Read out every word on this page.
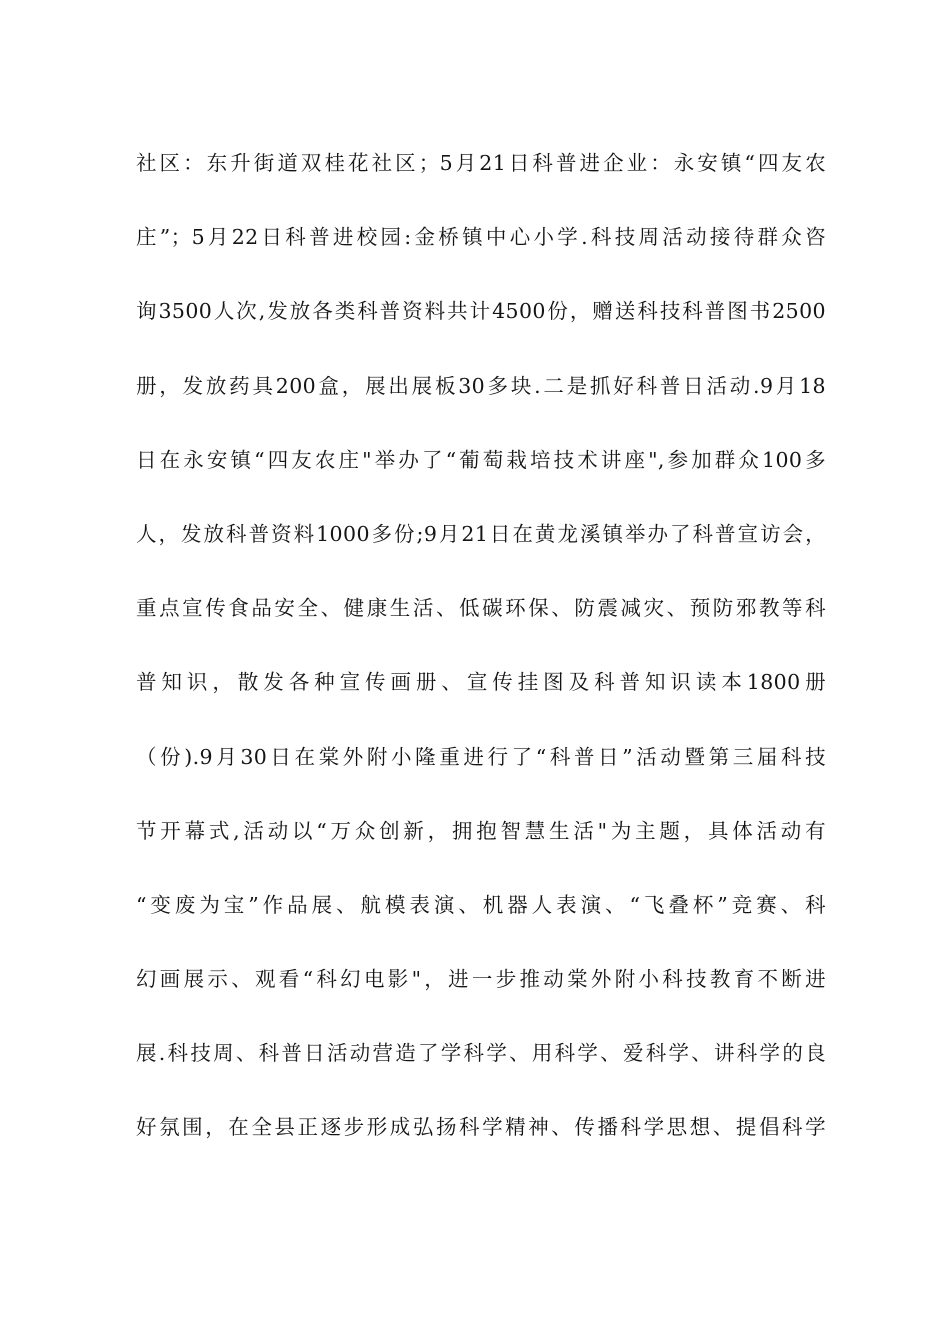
社区：东升街道双桂花社区；5月21日科普进企业：永安镇“四友农
庄”；5月22日科普进校园:金桥镇中心小学.科技周活动接待群众咨
询3500人次,发放各类科普资料共计4500份，赠送科技科普图书2500
册，发放药具200盒，展出展板30多块.二是抓好科普日活动.9月18
日在永安镇“四友农庄"举办了“葡萄栽培技术讲座",参加群众100多
人，发放科普资料1000多份;9月21日在黄龙溪镇举办了科普宣访会，
重点宣传食品安全、健康生活、低碳环保、防震减灾、预防邪教等科
普知识，散发各种宣传画册、宣传挂图及科普知识读本1800册
（份).9月30日在棠外附小隆重进行了“科普日”活动暨第三届科技
节开幕式,活动以“万众创新，拥抱智慧生活"为主题，具体活动有
“变废为宝”作品展、航模表演、机器人表演、“飞叠杯”竞赛、科
幻画展示、观看“科幻电影"，进一步推动棠外附小科技教育不断进
展.科技周、科普日活动营造了学科学、用科学、爱科学、讲科学的良
好氛围，在全县正逐步形成弘扬科学精神、传播科学思想、提倡科学
